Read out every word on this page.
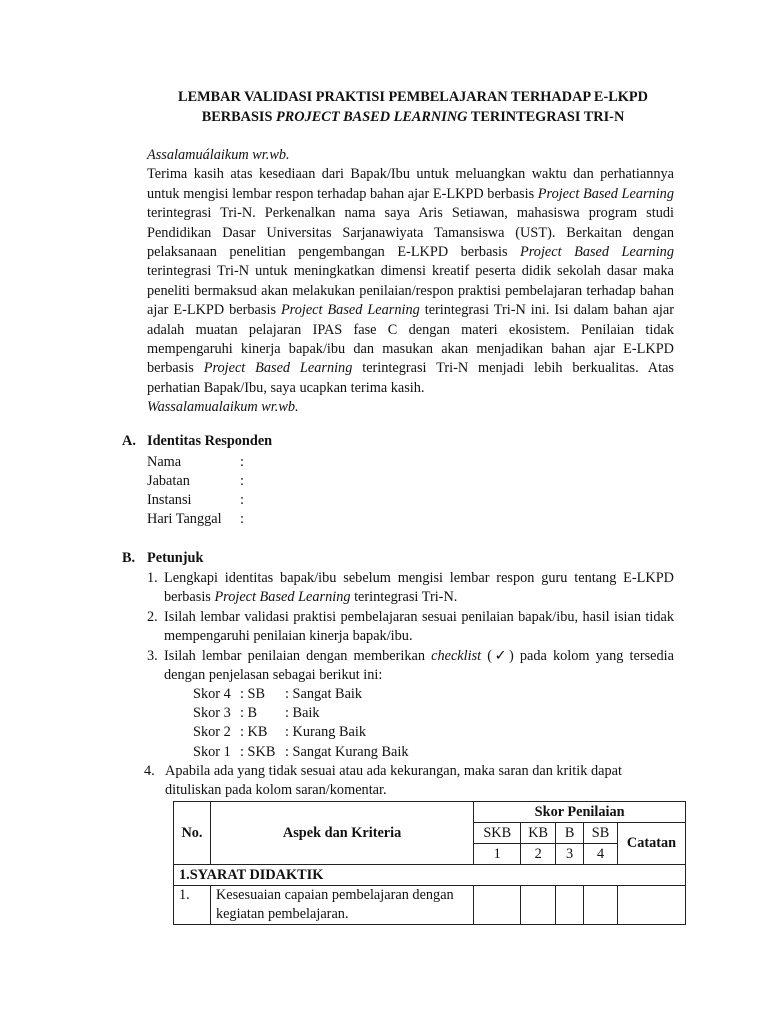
LEMBAR VALIDASI PRAKTISI PEMBELAJARAN TERHADAP E-LKPD
BERBASIS PROJECT BASED LEARNING TERINTEGRASI TRI-N
Assalamuálaikum wr.wb.
Terima kasih atas kesediaan dari Bapak/Ibu untuk meluangkan waktu dan perhatiannya untuk mengisi lembar respon terhadap bahan ajar E-LKPD berbasis Project Based Learning terintegrasi Tri-N. Perkenalkan nama saya Aris Setiawan, mahasiswa program studi Pendidikan Dasar Universitas Sarjanawiyata Tamansiswa (UST). Berkaitan dengan pelaksanaan penelitian pengembangan E-LKPD berbasis Project Based Learning terintegrasi Tri-N untuk meningkatkan dimensi kreatif peserta didik sekolah dasar maka peneliti bermaksud akan melakukan penilaian/respon praktisi pembelajaran terhadap bahan ajar E-LKPD berbasis Project Based Learning terintegrasi Tri-N ini. Isi dalam bahan ajar adalah muatan pelajaran IPAS fase C dengan materi ekosistem. Penilaian tidak mempengaruhi kinerja bapak/ibu dan masukan akan menjadikan bahan ajar E-LKPD berbasis Project Based Learning terintegrasi Tri-N menjadi lebih berkualitas. Atas perhatian Bapak/Ibu, saya ucapkan terima kasih.
Wassalamualaikum wr.wb.
A. Identitas Responden
Nama	:
Jabatan	:
Instansi	:
Hari Tanggal :
B. Petunjuk
1. Lengkapi identitas bapak/ibu sebelum mengisi lembar respon guru tentang E-LKPD berbasis Project Based Learning terintegrasi Tri-N.
2. Isilah lembar validasi praktisi pembelajaran sesuai penilaian bapak/ibu, hasil isian tidak mempengaruhi penilaian kinerja bapak/ibu.
3. Isilah lembar penilaian dengan memberikan checklist (✓) pada kolom yang tersedia dengan penjelasan sebagai berikut ini:
Skor 4 : SB : Sangat Baik
Skor 3 : B : Baik
Skor 2 : KB : Kurang Baik
Skor 1 : SKB : Sangat Kurang Baik
4. Apabila ada yang tidak sesuai atau ada kekurangan, maka saran dan kritik dapat dituliskan pada kolom saran/komentar.
No.	Aspek dan Kriteria	Skor Penilaian				
		SKB	KB	B	SB	Catatan
		1	2	3	4	
1.SYARAT DIDAKTIK						
1.	Kesesuaian capaian pembelajaran dengan kegiatan pembelajaran.					
